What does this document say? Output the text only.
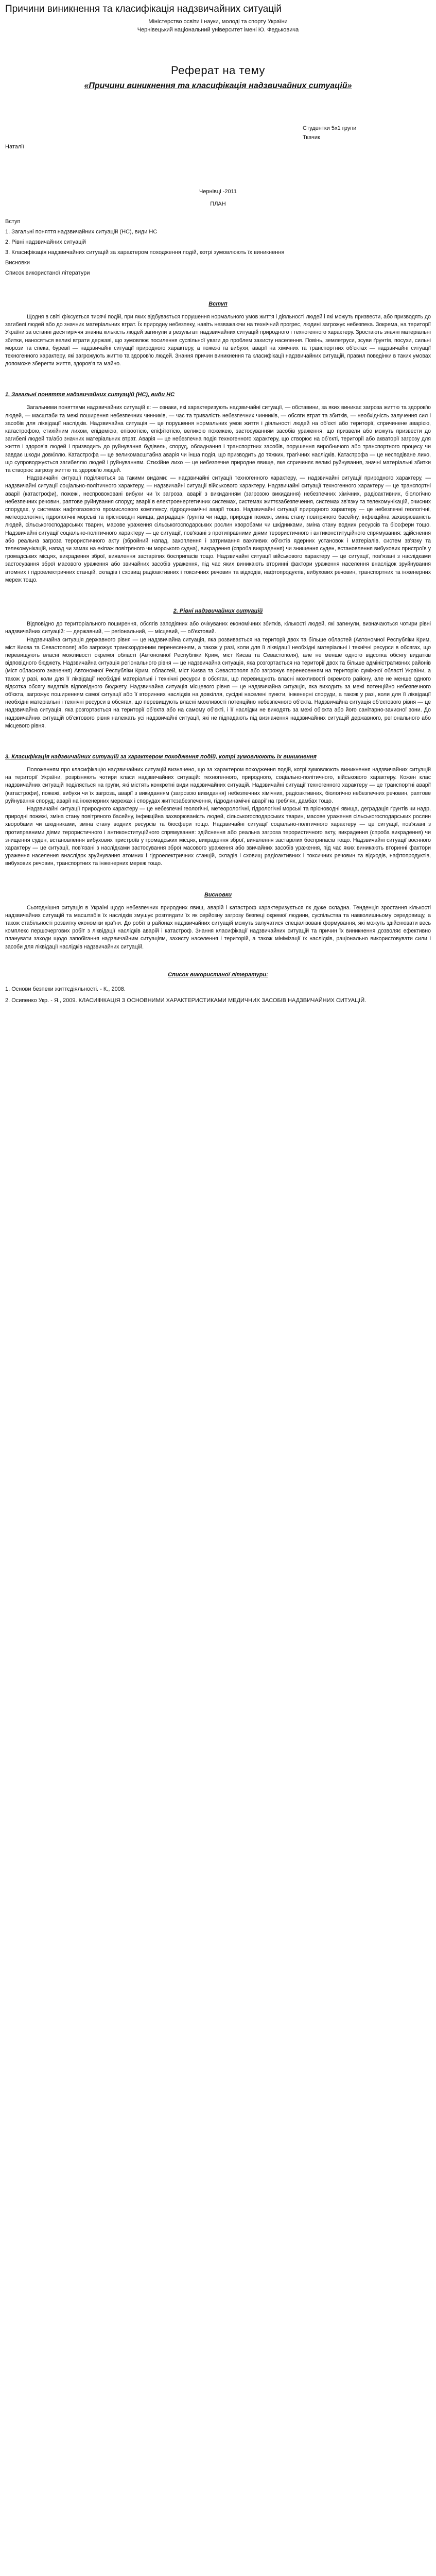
Причини виникнення та класифікація надзвичайних ситуацій
Міністерство освіти і науки, молоді та спорту України
Чернівецький національний університет імені Ю. Федьковича
Реферат на тему
«Причини виникнення та класифікація надзвичайних ситуацій»
Студентки 5х1 групи
Ткачик
Наталії
Чернівці -2011
ПЛАН
Вступ
1. Загальні поняття надзвичайних ситуацій (НС), види НС
2. Рівні надзвичайних ситуацій
3. Класифікація надзвичайних ситуацій за характером походження подій, котрі зумовлюють їх виникнення
Висновки
Список використаної літератури
Вступ

Щодня в світі фіксується тисячі подій, при яких відбувається порушення нормального умов життя і діяльності людей і які можуть призвести, або призводять до загибелі людей або до значних матеріальних втрат. Їх природну небезпеку, навіть незважаючи на технічний прогрес, людині загрожує небезпека. Зокрема, на території України за останні десятиріччя значна кількість людей загинули в результаті надзвичайних ситуацій природного і техногенного характеру. Зростають значні матеріальні збитки, наносяться великі втрати державі, що зумовлює посилення суспільної уваги до проблем захисту населення. Повінь, землетруси, зсуви ґрунтів, посухи, сильні морози та спека, буревії — надзвичайні ситуації природного характеру, а пожежі та вибухи, аварії на хімічних та транспортних об'єктах — надзвичайні ситуації техногенного характеру, які загрожують життю та здоров'ю людей. Знання причин виникнення та класифікації надзвичайних ситуацій, правил поведінки в таких умовах допоможе зберегти життя, здоров'я та майно.

1. Загальні поняття надзвичайних ситуацій (НС), види НС

Загальними поняттями надзвичайних ситуацій є: — ознаки, які характеризують надзвичайні ситуації, — обставини, за яких виникає загроза життю та здоров'ю людей, — масштаби та межі поширення небезпечних чинників, — час та тривалість небезпечних чинників, — обсяги втрат та збитків, — необхідність залучення сил і засобів для ліквідації наслідків. Надзвичайна ситуація — це порушення нормальних умов життя і діяльності людей на об'єкті або території, спричинене аварією, катастрофою, стихійним лихом, епідемією, епізоотією, епіфітотією, великою пожежею, застосуванням засобів ураження, що призвели або можуть призвести до загибелі людей та/або значних матеріальних втрат. Аварія — це небезпечна подія техногенного характеру, що створює на об'єкті, території або акваторії загрозу для життя і здоров'я людей і призводить до руйнування будівель, споруд, обладнання і транспортних засобів, порушення виробничого або транспортного процесу чи завдає шкоди довкіллю. Катастрофа — це великомасштабна аварія чи інша подія, що призводить до тяжких, трагічних наслідків. Катастрофа — це несподіване лихо, що супроводжується загибеллю людей і руйнуванням. Стихійне лихо — це небезпечне природне явище, яке спричиняє великі руйнування, значні матеріальні збитки та створює загрозу життю та здоров'ю людей.

Надзвичайні ситуації поділяються за такими видами: — надзвичайні ситуації техногенного характеру, — надзвичайні ситуації природного характеру, — надзвичайні ситуації соціально-політичного характеру, — надзвичайні ситуації військового характеру. Надзвичайні ситуації техногенного характеру — це транспортні аварії (катастрофи), пожежі, неспровоковані вибухи чи їх загроза, аварії з викиданням (загрозою викидання) небезпечних хімічних, радіоактивних, біологічно небезпечних речовин, раптове руйнування споруд; аварії в електроенергетичних системах, системах життєзабезпечення, системах зв'язку та телекомунікацій, очисних спорудах, у системах нафтогазового промислового комплексу, гідродинамічні аварії тощо. Надзвичайні ситуації природного характеру — це небезпечні геологічні, метеорологічні, гідрологічні морські та прісноводні явища, деградація ґрунтів чи надр, природні пожежі, зміна стану повітряного басейну, інфекційна захворюваність людей, сільськогосподарських тварин, масове ураження сільськогосподарських рослин хворобами чи шкідниками, зміна стану водних ресурсів та біосфери тощо. Надзвичайні ситуації соціально-політичного характеру — це ситуації, пов'язані з протиправними діями терористичного і антиконституційного спрямування: здійснення або реальна загроза терористичного акту (збройний напад, захоплення і затримання важливих об'єктів ядерних установок і матеріалів, систем зв'язку та телекомунікацій, напад чи замах на екіпаж повітряного чи морського судна), викрадення (спроба викрадення) чи знищення суден, встановлення вибухових пристроїв у громадських місцях, викрадення зброї, виявлення застарілих боєприпасів тощо. Надзвичайні ситуації військового характеру — це ситуації, пов'язані з наслідками застосування зброї масового ураження або звичайних засобів ураження, під час яких виникають вторинні фактори ураження населення внаслідок зруйнування атомних і гідроелектричних станцій, складів і сховищ радіоактивних і токсичних речовин та відходів, нафтопродуктів, вибухових речовин, транспортних та інженерних мереж тощо.

2. Рівні надзвичайних ситуацій

Відповідно до територіального поширення, обсягів заподіяних або очікуваних економічних збитків, кількості людей, які загинули, визначаються чотири рівні надзвичайних ситуацій: — державний, — регіональний, — місцевий, — об'єктовий.

Надзвичайна ситуація державного рівня — це надзвичайна ситуація, яка розвивається на території двох та більше областей (Автономної Республіки Крим, міст Києва та Севастополя) або загрожує транскордонним перенесенням, а також у разі, коли для її ліквідації необхідні матеріальні і технічні ресурси в обсягах, що перевищують власні можливості окремої області (Автономної Республіки Крим, міст Києва та Севастополя), але не менше одного відсотка обсягу видатків відповідного бюджету. Надзвичайна ситуація регіонального рівня — це надзвичайна ситуація, яка розгортається на території двох та більше адміністративних районів (міст обласного значення) Автономної Республіки Крим, областей, міст Києва та Севастополя або загрожує перенесенням на територію суміжної області України, а також у разі, коли для її ліквідації необхідні матеріальні і технічні ресурси в обсягах, що перевищують власні можливості окремого району, але не менше одного відсотка обсягу видатків відповідного бюджету. Надзвичайна ситуація місцевого рівня — це надзвичайна ситуація, яка виходить за межі потенційно небезпечного об'єкта, загрожує поширенням самої ситуації або її вторинних наслідків на довкілля, сусідні населені пункти, інженерні споруди, а також у разі, коли для її ліквідації необхідні матеріальні і технічні ресурси в обсягах, що перевищують власні можливості потенційно небезпечного об'єкта. Надзвичайна ситуація об'єктового рівня — це надзвичайна ситуація, яка розгортається на території об'єкта або на самому об'єкті, і її наслідки не виходять за межі об'єкта або його санітарно-захисної зони. До надзвичайних ситуацій об'єктового рівня належать усі надзвичайні ситуації, які не підпадають під визначення надзвичайних ситуацій державного, регіонального або місцевого рівня.

3. Класифікація надзвичайних ситуацій за характером походження подій, котрі зумовлюють їх виникнення

Положенням про класифікацію надзвичайних ситуацій визначено, що за характером походження подій, котрі зумовлюють виникнення надзвичайних ситуацій на території України, розрізняють чотири класи надзвичайних ситуацій: техногенного, природного, соціально-політичного, військового характеру. Кожен клас надзвичайних ситуацій поділяється на групи, які містять конкретні види надзвичайних ситуацій. Надзвичайні ситуації техногенного характеру — це транспортні аварії (катастрофи), пожежі, вибухи чи їх загроза, аварії з викиданням (загрозою викидання) небезпечних хімічних, радіоактивних, біологічно небезпечних речовин, раптове руйнування споруд; аварії на інженерних мережах і спорудах життєзабезпечення, гідродинамічні аварії на греблях, дамбах тощо.

Надзвичайні ситуації природного характеру — це небезпечні геологічні, метеорологічні, гідрологічні морські та прісноводні явища, деградація ґрунтів чи надр, природні пожежі, зміна стану повітряного басейну, інфекційна захворюваність людей, сільськогосподарських тварин, масове ураження сільськогосподарських рослин хворобами чи шкідниками, зміна стану водних ресурсів та біосфери тощо. Надзвичайні ситуації соціально-політичного характеру — це ситуації, пов'язані з протиправними діями терористичного і антиконституційного спрямування: здійснення або реальна загроза терористичного акту, викрадення (спроба викрадення) чи знищення суден, встановлення вибухових пристроїв у громадських місцях, викрадення зброї, виявлення застарілих боєприпасів тощо. Надзвичайні ситуації воєнного характеру — це ситуації, пов'язані з наслідками застосування зброї масового ураження або звичайних засобів ураження, під час яких виникають вторинні фактори ураження населення внаслідок зруйнування атомних і гідроелектричних станцій, складів і сховищ радіоактивних і токсичних речовин та відходів, нафтопродуктів, вибухових речовин, транспортних та інженерних мереж тощо.

Висновки

Сьогоднішня ситуація в Україні щодо небезпечних природних явищ, аварій і катастроф характеризується як дуже складна. Тенденція зростання кількості надзвичайних ситуацій та масштабів їх наслідків змушує розглядати їх як серйозну загрозу безпеці окремої людини, суспільства та навколишньому середовищу, а також стабільності розвитку економіки країни. До робіт в районах надзвичайних ситуацій можуть залучатися спеціалізовані формування, які можуть здійснювати весь комплекс першочергових робіт з ліквідації наслідків аварій і катастроф. Знання класифікації надзвичайних ситуацій та причин їх виникнення дозволяє ефективно планувати заходи щодо запобігання надзвичайним ситуаціям, захисту населення і територій, а також мінімізації їх наслідків, раціонально використовувати сили і засоби для ліквідації наслідків надзвичайних ситуацій.

Список використаної літератури:
1. Основи безпеки життєдіяльності. - К., 2008.
2. Осипенко Укр. - Я., 2009. КЛАСИФІКАЦІЯ З ОСНОВНИМИ ХАРАКТЕРИСТИКАМИ МЕДИЧНИХ ЗАСОБІВ НАДЗВИЧАЙНИХ СИТУАЦІЙ.
